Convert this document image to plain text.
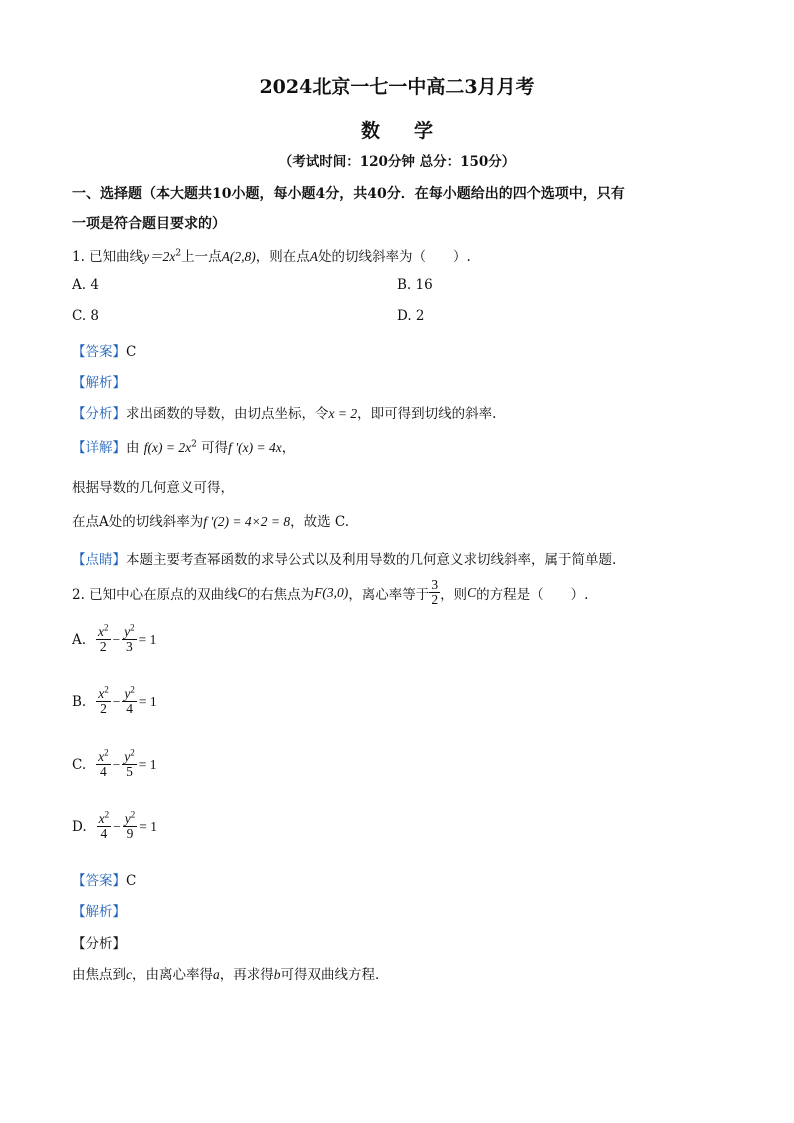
2024北京一七一中高二3月月考
数学
（考试时间：120分钟 总分：150分）
一、选择题（本大题共10小题，每小题4分，共40分．在每小题给出的四个选项中，只有
一项是符合题目要求的）
1. 已知曲线$y=2x^2$上一点A(2,8)，则在点A处的切线斜率为（　　）.
A. 4	B. 16
C. 8	D. 2
【答案】C
【解析】
【分析】求出函数的导数，由切点坐标，令x = 2，即可得到切线的斜率.
【详解】由 $f(x) = 2x^2$ 可得f '(x) = 4x，
根据导数的几何意义可得，
在点A处的切线斜率为f '(2) = 4×2 = 8，故选 C.
【点睛】本题主要考查幂函数的求导公式以及利用导数的几何意义求切线斜率，属于简单题.
2. 已知中心在原点的双曲线 C 的右焦点为 F(3,0) ，离心率等于 $\frac{3}{2}$ ，则 C 的方程是（　　）.
A. $\frac{x^2}{2} - \frac{y^2}{3} = 1$
B. $\frac{x^2}{2} - \frac{y^2}{4} = 1$
C. $\frac{x^2}{4} - \frac{y^2}{5} = 1$
D. $\frac{x^2}{4} - \frac{y^2}{9} = 1$
【答案】C
【解析】
【分析】
由焦点到c，由离心率得a，再求得b可得双曲线方程．
